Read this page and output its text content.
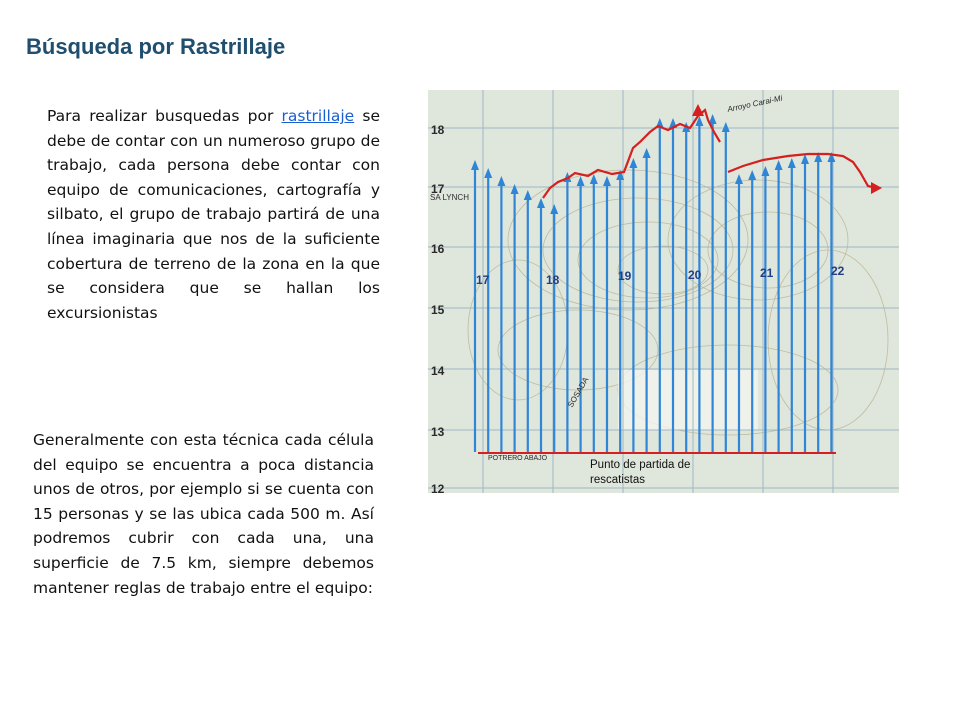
Búsqueda por Rastrillaje

Para realizar busquedas por rastrillaje se debe de contar con un numeroso grupo de trabajo, cada persona debe contar con equipo de comunicaciones, cartografía y silbato, el grupo de trabajo partirá de una línea imaginaria que nos de la suficiente cobertura de terreno de la zona en la que se considera que se hallan los excursionistas

Generalmente con esta técnica cada célula del equipo se encuentra a poca distancia unos de otros, por ejemplo si se cuenta con 15 personas y se las ubica cada 500 m. Así podremos cubrir con cada una, una superficie de 7.5 km, siempre debemos mantener reglas de trabajo entre el equipo:

18
17
16
15
14
13
12
17	18	19	20	21	22
Arroyo Carai-Mi
SA LYNCH
SOSADA
POTRERO ABAJO
Punto de partida de
rescatistas
